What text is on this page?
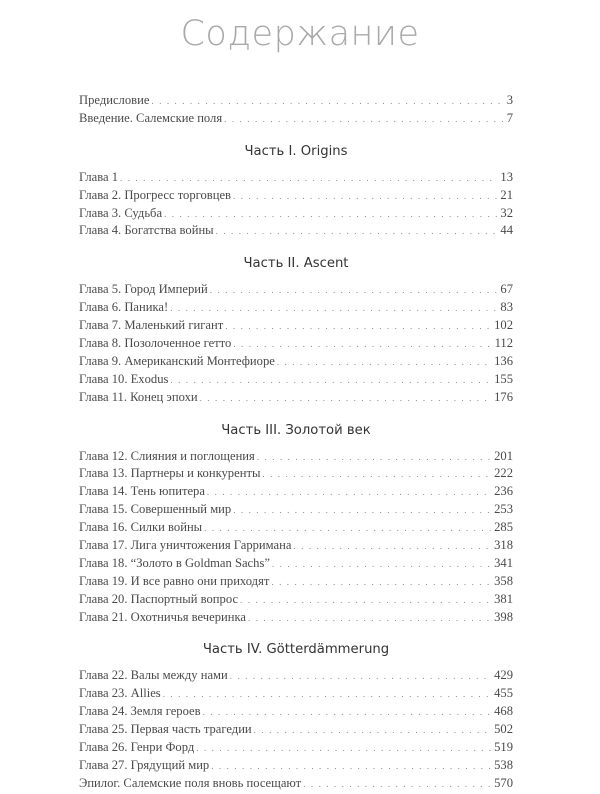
Содержание
Предисловие . . .	3
Введение. Салемские поля . . .	7
Часть I. Origins
Глава 1 . . .	13
Глава 2. Прогресс торговцев . . .	21
Глава 3. Судьба . . .	32
Глава 4. Богатства войны . . .	44
Часть II. Ascent
Глава 5. Город Империй . . .	67
Глава 6. Паника! . . .	83
Глава 7. Маленький гигант . . .	102
Глава 8. Позолоченное гетто . . .	112
Глава 9. Американский Монтефиоре . . .	136
Глава 10. Exodus . . .	155
Глава 11. Конец эпохи . . .	176
Часть III. Золотой век
Глава 12. Слияния и поглощения . . .	201
Глава 13. Партнеры и конкуренты . . .	222
Глава 14. Тень юпитера . . .	236
Глава 15. Совершенный мир . . .	253
Глава 16. Силки войны . . .	285
Глава 17. Лига уничтожения Гарримана . . .	318
Глава 18. “Золото в Goldman Sachs” . . .	341
Глава 19. И все равно они приходят . . .	358
Глава 20. Паспортный вопрос . . .	381
Глава 21. Охотничья вечеринка . . .	398
Часть IV. Götterdämmerung
Глава 22. Валы между нами . . .	429
Глава 23. Allies . . .	455
Глава 24. Земля героев . . .	468
Глава 25. Первая часть трагедии . . .	502
Глава 26. Генри Форд . . .	519
Глава 27. Грядущий мир . . .	538
Эпилог. Салемские поля вновь посещают . . .	570
